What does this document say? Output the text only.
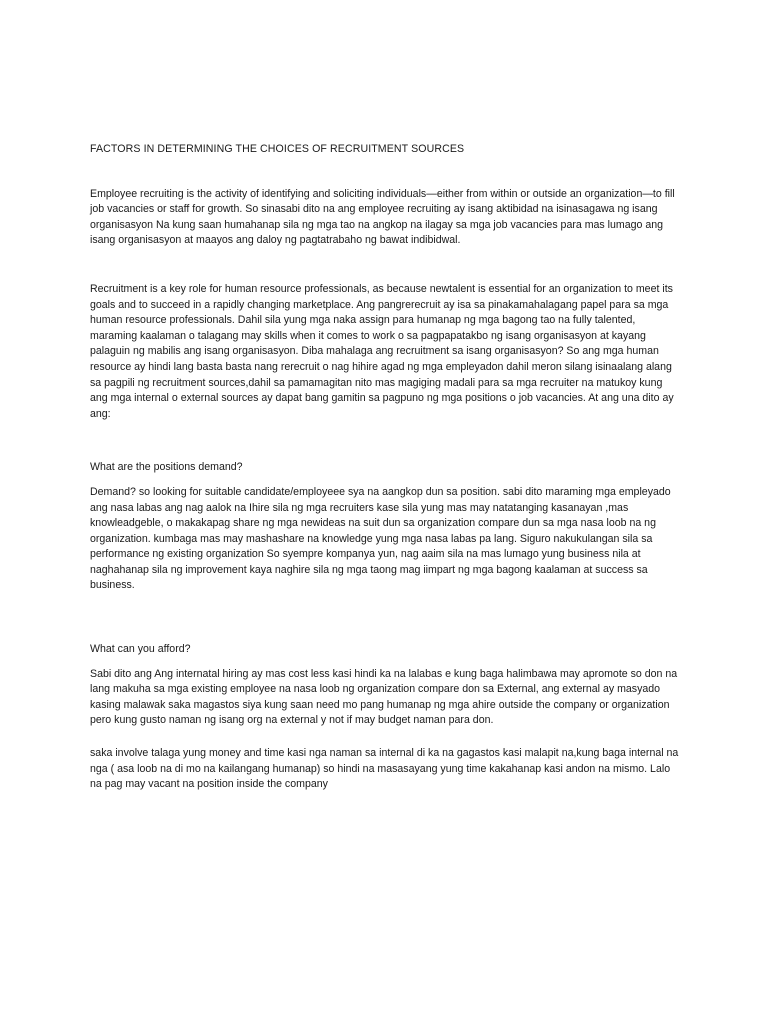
FACTORS IN DETERMINING THE CHOICES OF RECRUITMENT SOURCES

Employee recruiting is the activity of identifying and soliciting individuals—either from within or outside an organization—to fill job vacancies or staff for growth. So sinasabi dito na ang employee recruiting ay isang aktibidad na isinasagawa ng isang organisasyon Na kung saan humahanap sila ng mga tao na angkop na ilagay sa mga job vacancies para mas lumago ang isang organisasyon at maayos ang daloy ng pagtatrabaho ng bawat indibidwal.

Recruitment is a key role for human resource professionals, as because newtalent is essential for an organization to meet its goals and to succeed in a rapidly changing marketplace. Ang pangrerecruit ay isa sa pinakamahalagang papel para sa mga human resource professionals. Dahil sila yung mga naka assign para humanap ng mga bagong tao na fully talented, maraming kaalaman o talagang may skills when it comes to work o sa pagpapatakbo ng isang organisasyon at kayang palaguin ng mabilis ang isang organisasyon. Diba mahalaga ang recruitment sa isang organisasyon? So ang mga human resource ay hindi lang basta basta nang rerecruit o nag hihire agad ng mga empleyadon dahil meron silang isinaalang alang sa pagpili ng recruitment sources,dahil sa pamamagitan nito mas magiging madali para sa mga recruiter na matukoy kung ang mga internal o external sources ay dapat bang gamitin sa pagpuno ng mga positions o job vacancies. At ang una dito ay ang:

What are the positions demand?

Demand? so looking for suitable candidate/employeee sya na aangkop dun sa position. sabi dito maraming mga empleyado ang nasa labas ang nag aalok na Ihire sila ng mga recruiters kase sila yung mas may natatanging kasanayan ,mas knowleadgeble, o makakapag share ng mga newideas na suit dun sa organization compare dun sa mga nasa loob na ng organization. kumbaga mas may mashashare na knowledge yung mga nasa labas pa lang. Siguro nakukulangan sila sa performance ng existing organization So syempre kompanya yun, nag aaim sila na mas lumago yung business nila at naghahanap sila ng improvement kaya naghire sila ng mga taong mag iimpart ng mga bagong kaalaman at success sa business.

What can you afford?

Sabi dito ang Ang internatal hiring ay mas cost less kasi hindi ka na lalabas e kung baga halimbawa may apromote so don na lang makuha sa mga existing employee na nasa loob ng organization compare don sa External, ang external ay masyado kasing malawak saka magastos siya kung saan need mo pang humanap ng mga ahire outside the company or organization pero kung gusto naman ng isang org na external y not if may budget naman para don.

saka involve talaga yung money and time kasi nga naman sa internal di ka na gagastos kasi malapit na,kung baga internal na nga ( asa loob na di mo na kailangang humanap) so hindi na masasayang yung time kakahanap kasi andon na mismo. Lalo na pag may vacant na position inside the company
